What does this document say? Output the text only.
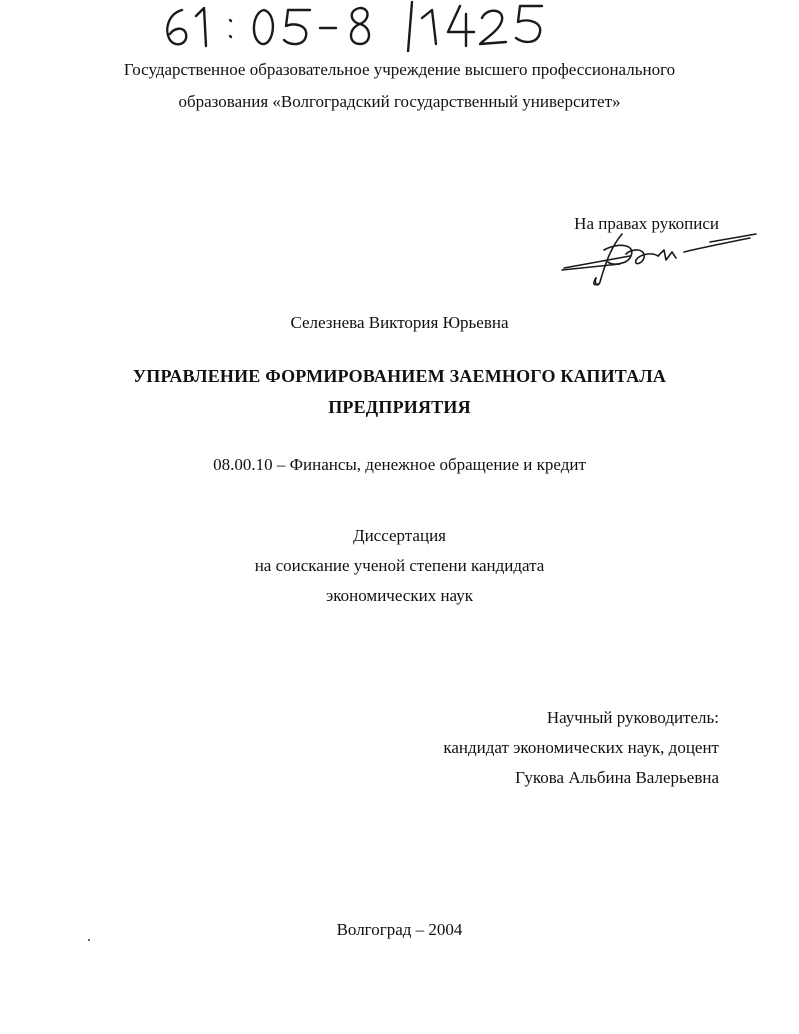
Государственное образовательное учреждение высшего профессионального
образования «Волгоградский государственный университет»
На правах рукописи
Селезнева Виктория Юрьевна
УПРАВЛЕНИЕ ФОРМИРОВАНИЕМ ЗАЕМНОГО КАПИТАЛА
ПРЕДПРИЯТИЯ
08.00.10 – Финансы, денежное обращение и кредит
Диссертация
на соискание ученой степени кандидата
экономических наук
Научный руководитель:
кандидат экономических наук, доцент
Гукова Альбина Валерьевна
Волгоград – 2004
